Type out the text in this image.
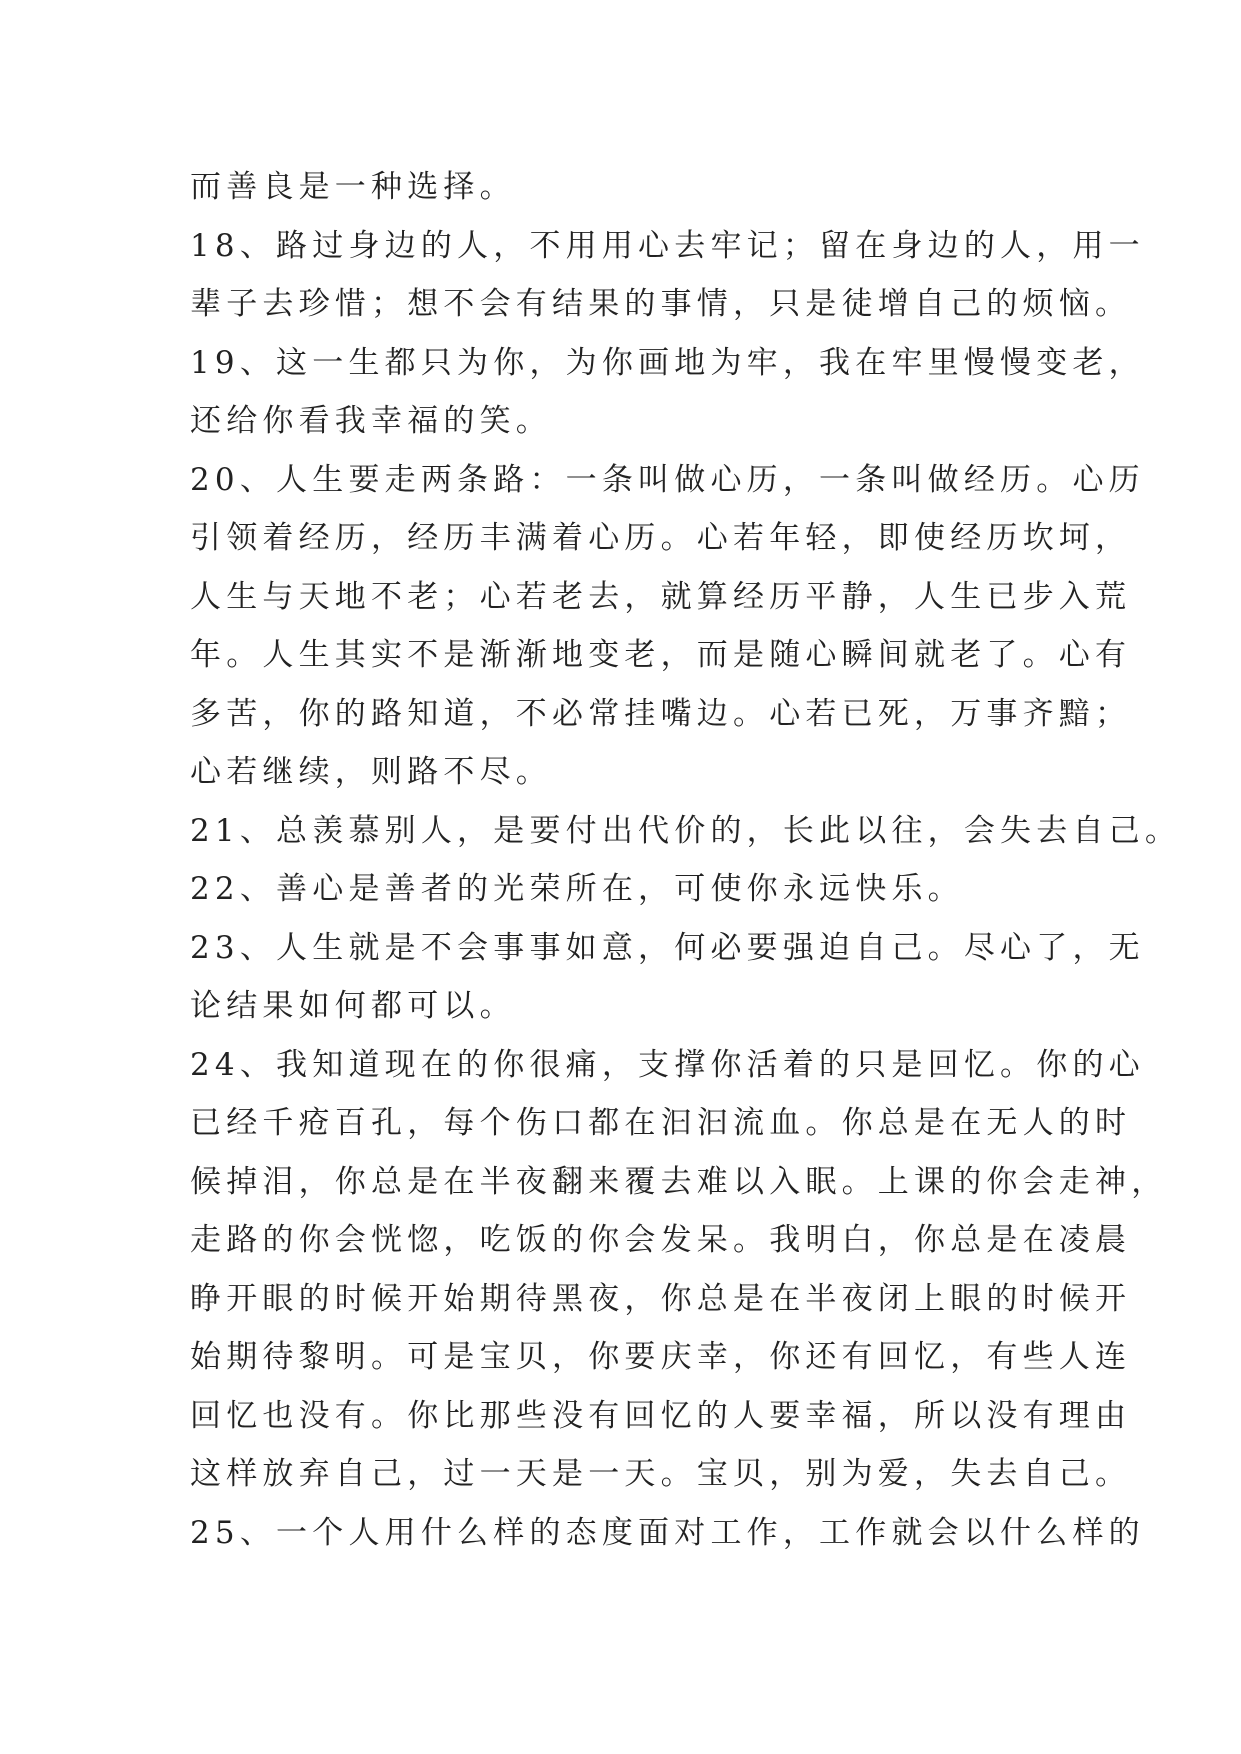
而善良是一种选择。
18、路过身边的人，不用用心去牢记；留在身边的人，用一
辈子去珍惜；想不会有结果的事情，只是徒增自己的烦恼。
19、这一生都只为你，为你画地为牢，我在牢里慢慢变老，
还给你看我幸福的笑。
20、人生要走两条路：一条叫做心历，一条叫做经历。心历
引领着经历，经历丰满着心历。心若年轻，即使经历坎坷，
人生与天地不老；心若老去，就算经历平静，人生已步入荒
年。人生其实不是渐渐地变老，而是随心瞬间就老了。心有
多苦，你的路知道，不必常挂嘴边。心若已死，万事齐黯；
心若继续，则路不尽。
21、总羡慕别人，是要付出代价的，长此以往，会失去自己。
22、善心是善者的光荣所在，可使你永远快乐。
23、人生就是不会事事如意，何必要强迫自己。尽心了，无
论结果如何都可以。
24、我知道现在的你很痛，支撑你活着的只是回忆。你的心
已经千疮百孔，每个伤口都在汩汩流血。你总是在无人的时
候掉泪，你总是在半夜翻来覆去难以入眠。上课的你会走神，
走路的你会恍惚，吃饭的你会发呆。我明白，你总是在凌晨
睁开眼的时候开始期待黑夜，你总是在半夜闭上眼的时候开
始期待黎明。可是宝贝，你要庆幸，你还有回忆，有些人连
回忆也没有。你比那些没有回忆的人要幸福，所以没有理由
这样放弃自己，过一天是一天。宝贝，别为爱，失去自己。
25、一个人用什么样的态度面对工作，工作就会以什么样的
